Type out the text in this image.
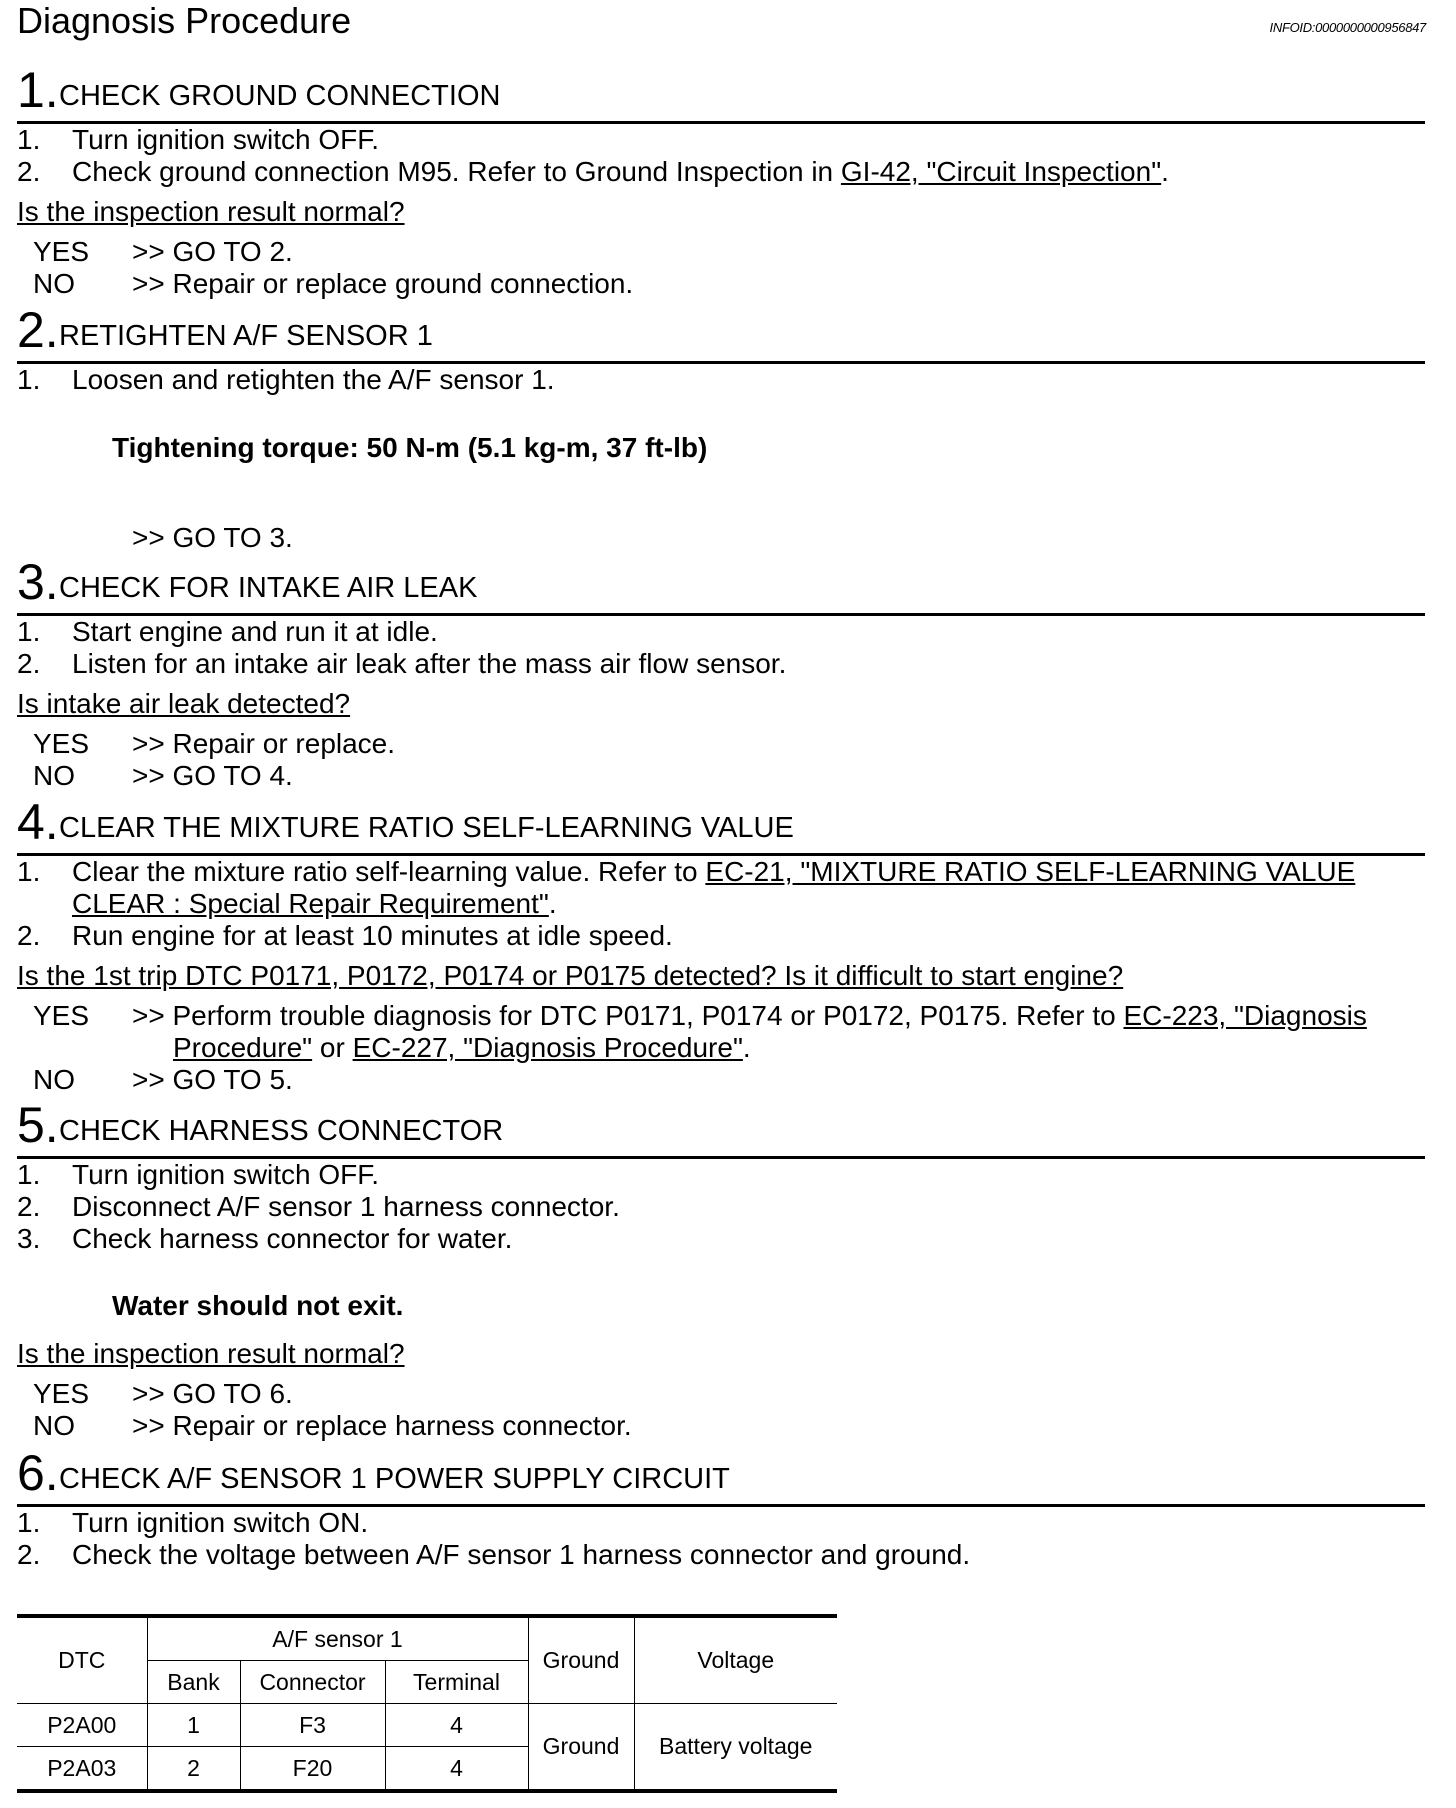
Diagnosis Procedure	INFOID:0000000000956847
1. CHECK GROUND CONNECTION
1. Turn ignition switch OFF.
2. Check ground connection M95. Refer to Ground Inspection in GI-42, "Circuit Inspection".
Is the inspection result normal?
YES >> GO TO 2.
NO >> Repair or replace ground connection.
2. RETIGHTEN A/F SENSOR 1
1. Loosen and retighten the A/F sensor 1.
Tightening torque: 50 N-m (5.1 kg-m, 37 ft-lb)
>> GO TO 3.
3. CHECK FOR INTAKE AIR LEAK
1. Start engine and run it at idle.
2. Listen for an intake air leak after the mass air flow sensor.
Is intake air leak detected?
YES >> Repair or replace.
NO >> GO TO 4.
4. CLEAR THE MIXTURE RATIO SELF-LEARNING VALUE
1. Clear the mixture ratio self-learning value. Refer to EC-21, "MIXTURE RATIO SELF-LEARNING VALUE
CLEAR : Special Repair Requirement".
2. Run engine for at least 10 minutes at idle speed.
Is the 1st trip DTC P0171, P0172, P0174 or P0175 detected? Is it difficult to start engine?
YES >> Perform trouble diagnosis for DTC P0171, P0174 or P0172, P0175. Refer to EC-223, "Diagnosis
Procedure" or EC-227, "Diagnosis Procedure".
NO >> GO TO 5.
5. CHECK HARNESS CONNECTOR
1. Turn ignition switch OFF.
2. Disconnect A/F sensor 1 harness connector.
3. Check harness connector for water.
Water should not exit.
Is the inspection result normal?
YES >> GO TO 6.
NO >> Repair or replace harness connector.
6. CHECK A/F SENSOR 1 POWER SUPPLY CIRCUIT
1. Turn ignition switch ON.
2. Check the voltage between A/F sensor 1 harness connector and ground.
DTC	A/F sensor 1			Ground	Voltage
	Bank	Connector	Terminal		
P2A00	1	F3	4	Ground	Battery voltage
P2A03	2	F20	4		
